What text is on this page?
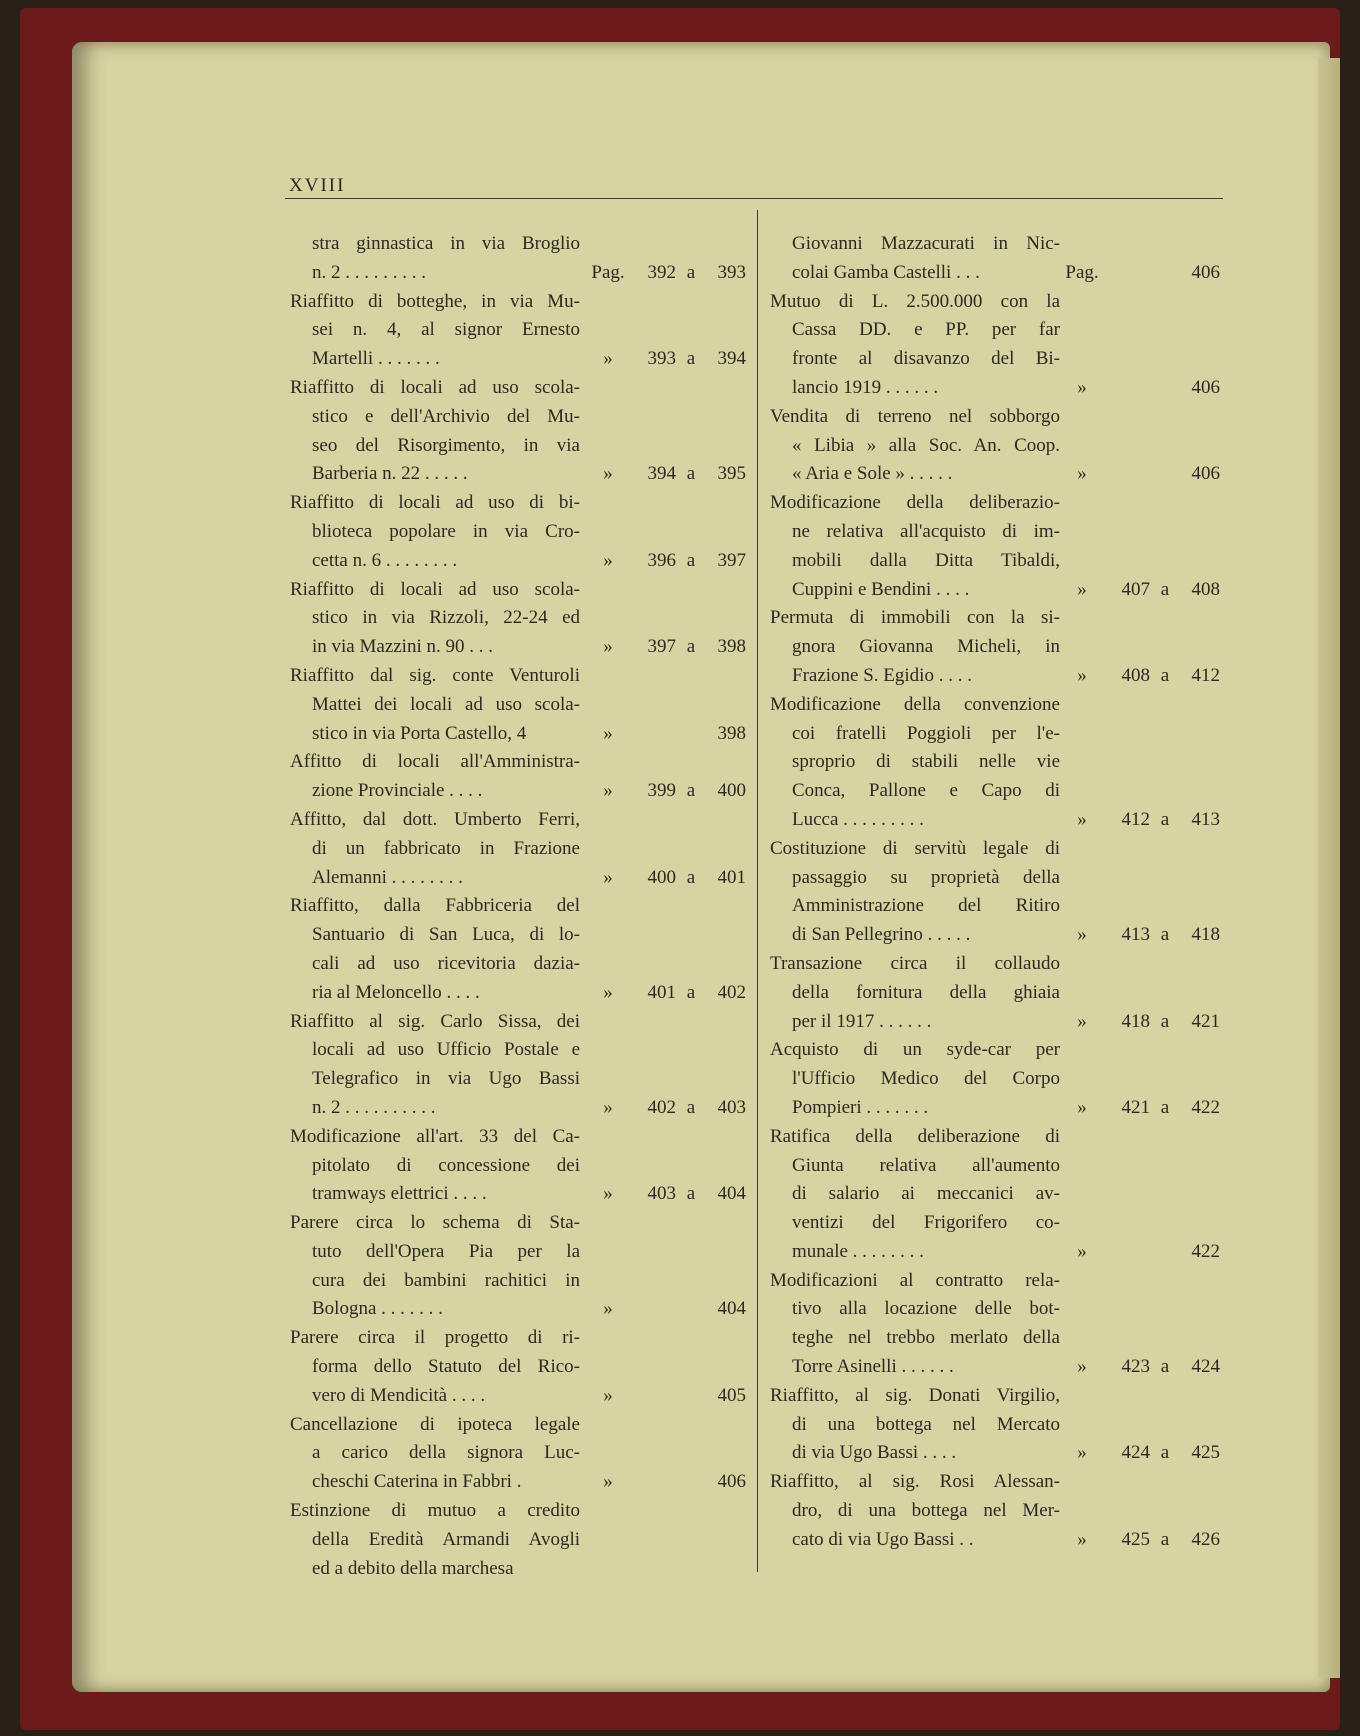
XVIII
stra ginnastica in via Broglio
n. 2 . . . . . . . . .	Pag.	392 a	393
Riaffitto di botteghe, in via Mu-
sei n. 4, al signor Ernesto
Martelli . . . . . . .	»	393 a	394
Riaffitto di locali ad uso scola-
stico e dell'Archivio del Mu-
seo del Risorgimento, in via
Barberia n. 22 . . . . .	»	394 a	395
Riaffitto di locali ad uso di bi-
blioteca popolare in via Cro-
cetta n. 6 . . . . . . . .	»	396 a	397
Riaffitto di locali ad uso scola-
stico in via Rizzoli, 22-24 ed
in via Mazzini n. 90 . . .	»	397 a	398
Riaffitto dal sig. conte Venturoli
Mattei dei locali ad uso scola-
stico in via Porta Castello, 4	»	398
Affitto di locali all'Amministra-
zione Provinciale . . . .	»	399 a	400
Affitto, dal dott. Umberto Ferri,
di un fabbricato in Frazione
Alemanni . . . . . . . .	»	400 a	401
Riaffitto, dalla Fabbriceria del
Santuario di San Luca, di lo-
cali ad uso ricevitoria dazia-
ria al Meloncello . . . .	»	401 a	402
Riaffitto al sig. Carlo Sissa, dei
locali ad uso Ufficio Postale e
Telegrafico in via Ugo Bassi
n. 2 . . . . . . . . . .	»	402 a	403
Modificazione all'art. 33 del Ca-
pitolato di concessione dei
tramways elettrici . . . .	»	403 a	404
Parere circa lo schema di Sta-
tuto dell'Opera Pia per la
cura dei bambini rachitici in
Bologna . . . . . . .	»	404
Parere circa il progetto di ri-
forma dello Statuto del Rico-
vero di Mendicità . . . .	»	405
Cancellazione di ipoteca legale
a carico della signora Luc-
cheschi Caterina in Fabbri .	»	406
Estinzione di mutuo a credito
della Eredità Armandi Avogli
ed a debito della marchesa
Giovanni Mazzacurati in Nic-
colai Gamba Castelli . . .	Pag.	406
Mutuo di L. 2.500.000 con la
Cassa DD. e PP. per far
fronte al disavanzo del Bi-
lancio 1919 . . . . . .	»	406
Vendita di terreno nel sobborgo
« Libia » alla Soc. An. Coop.
« Aria e Sole » . . . . .	»	406
Modificazione della deliberazio-
ne relativa all'acquisto di im-
mobili dalla Ditta Tibaldi,
Cuppini e Bendini . . . .	»	407 a	408
Permuta di immobili con la si-
gnora Giovanna Micheli, in
Frazione S. Egidio . . . .	»	408 a	412
Modificazione della convenzione
coi fratelli Poggioli per l'e-
sproprio di stabili nelle vie
Conca, Pallone e Capo di
Lucca . . . . . . . . .	»	412 a	413
Costituzione di servitù legale di
passaggio su proprietà della
Amministrazione del Ritiro
di San Pellegrino . . . . .	»	413 a	418
Transazione circa il collaudo
della fornitura della ghiaia
per il 1917 . . . . . .	»	418 a	421
Acquisto di un syde-car per
l'Ufficio Medico del Corpo
Pompieri . . . . . . .	»	421 a	422
Ratifica della deliberazione di
Giunta relativa all'aumento
di salario ai meccanici av-
ventizi del Frigorifero co-
munale . . . . . . . .	»	422
Modificazioni al contratto rela-
tivo alla locazione delle bot-
teghe nel trebbo merlato della
Torre Asinelli . . . . . .	»	423 a	424
Riaffitto, al sig. Donati Virgilio,
di una bottega nel Mercato
di via Ugo Bassi . . . .	»	424 a	425
Riaffitto, al sig. Rosi Alessan-
dro, di una bottega nel Mer-
cato di via Ugo Bassi . .	»	425 a	426
